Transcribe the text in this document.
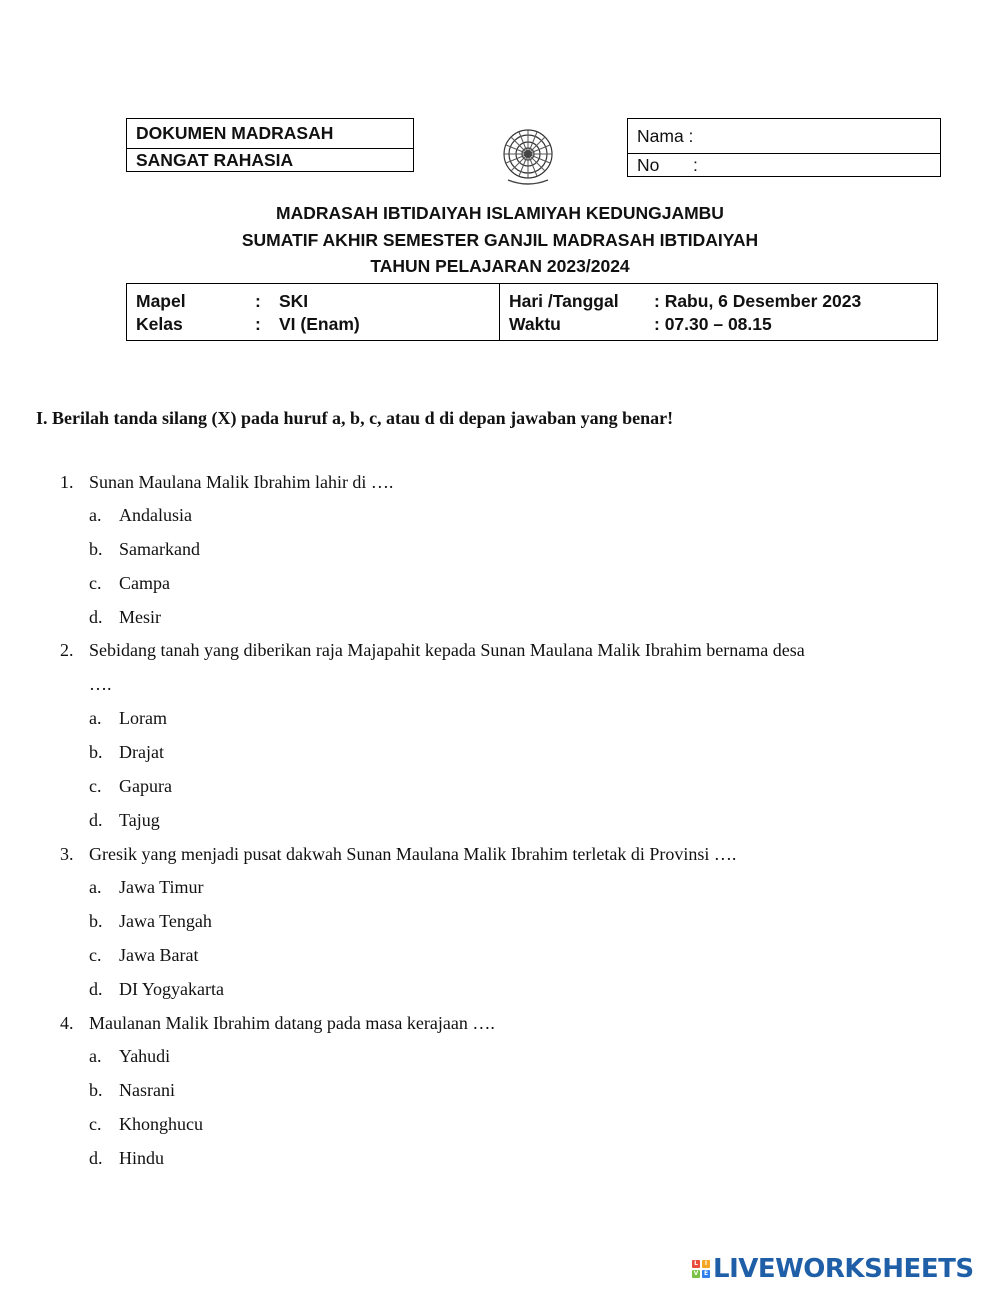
DOKUMEN MADRASAH
SANGAT RAHASIA
Nama :
No :
MADRASAH IBTIDAIYAH ISLAMIYAH KEDUNGJAMBU
SUMATIF AKHIR SEMESTER GANJIL MADRASAH IBTIDAIYAH
TAHUN PELAJARAN 2023/2024
Mapel	: SKI
Kelas	: VI (Enam)
Hari /Tanggal : Rabu, 6 Desember 2023
Waktu	: 07.30 – 08.15
I. Berilah tanda silang (X) pada huruf a, b, c, atau d di depan jawaban yang benar!
1. Sunan Maulana Malik Ibrahim lahir di ….
a. Andalusia
b. Samarkand
c. Campa
d. Mesir
2. Sebidang tanah yang diberikan raja Majapahit kepada Sunan Maulana Malik Ibrahim bernama desa
….
a. Loram
b. Drajat
c. Gapura
d. Tajug
3. Gresik yang menjadi pusat dakwah Sunan Maulana Malik Ibrahim terletak di Provinsi ….
a. Jawa Timur
b. Jawa Tengah
c. Jawa Barat
d. DI Yogyakarta
4. Maulanan Malik Ibrahim datang pada masa kerajaan ….
a. Yahudi
b. Nasrani
c. Khonghucu
d. Hindu
L	I
V E LIVEWORKSHEETS
